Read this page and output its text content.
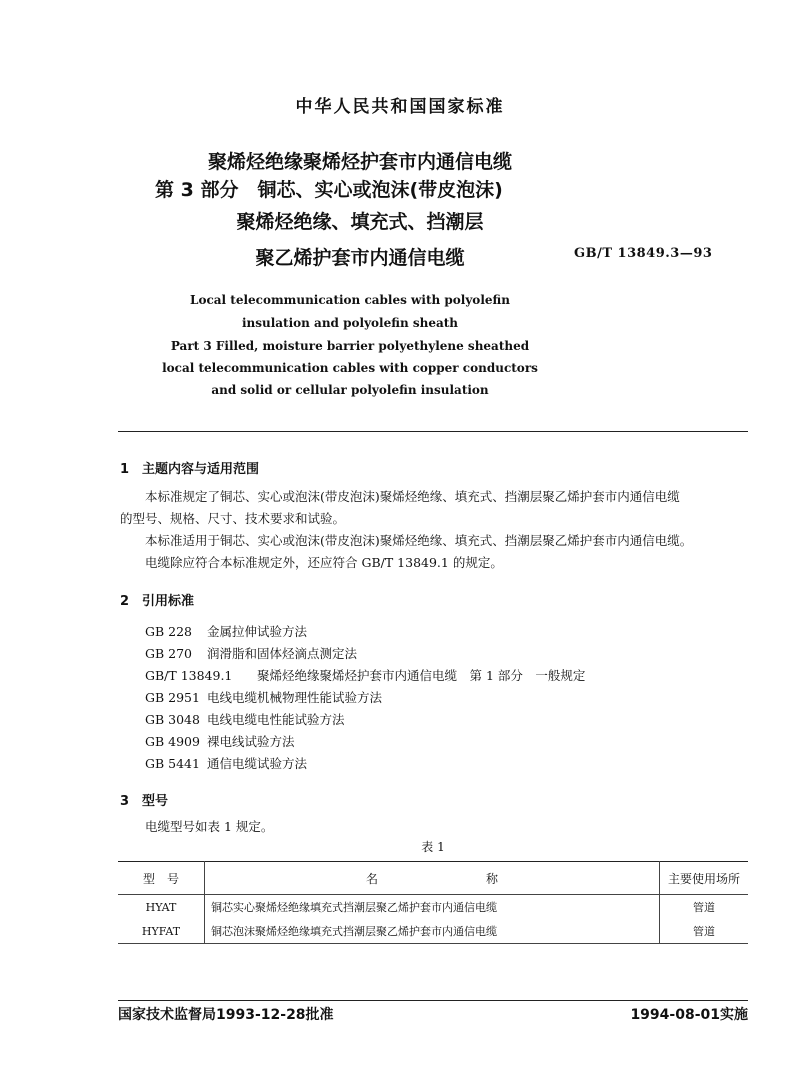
中华人民共和国国家标准
聚烯烃绝缘聚烯烃护套市内通信电缆
第 3 部分　铜芯、实心或泡沫(带皮泡沫)
聚烯烃绝缘、填充式、挡潮层
聚乙烯护套市内通信电缆	GB/T 13849.3—93
Local telecommunication cables with polyolefin
insulation and polyolefin sheath
Part 3 Filled, moisture barrier polyethylene sheathed
local telecommunication cables with copper conductors
and solid or cellular polyolefin insulation
1　主题内容与适用范围
本标准规定了铜芯、实心或泡沫(带皮泡沫)聚烯烃绝缘、填充式、挡潮层聚乙烯护套市内通信电缆
的型号、规格、尺寸、技术要求和试验。
本标准适用于铜芯、实心或泡沫(带皮泡沫)聚烯烃绝缘、填充式、挡潮层聚乙烯护套市内通信电缆。
电缆除应符合本标准规定外，还应符合 GB/T 13849.1 的规定。
2　引用标准
GB 228 金属拉伸试验方法
GB 270 润滑脂和固体烃滴点测定法
GB/T 13849.1 聚烯烃绝缘聚烯烃护套市内通信电缆　第 1 部分　一般规定
GB 2951 电线电缆机械物理性能试验方法
GB 3048 电线电缆电性能试验方法
GB 4909 裸电线试验方法
GB 5441 通信电缆试验方法
3　型号
电缆型号如表 1 规定。
表 1
型　号	名　　　　　　　　　称	主要使用场所
HYAT	铜芯实心聚烯烃绝缘填充式挡潮层聚乙烯护套市内通信电缆	管道
HYFAT	铜芯泡沫聚烯烃绝缘填充式挡潮层聚乙烯护套市内通信电缆	管道
国家技术监督局1993-12-28批准	1994-08-01实施
